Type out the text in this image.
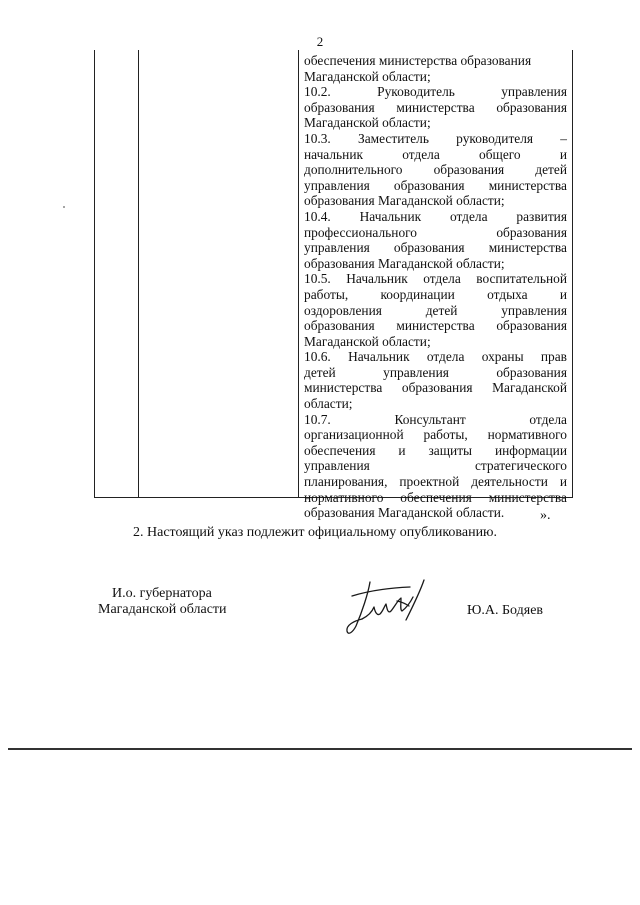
2
обеспечения министерства образования
Магаданской области;
10.2. Руководитель управления
образования министерства образования
Магаданской области;
10.3. Заместитель руководителя –
начальник отдела общего и
дополнительного образования детей
управления образования министерства
образования Магаданской области;
10.4. Начальник отдела развития
профессионального образования
управления образования министерства
образования Магаданской области;
10.5. Начальник отдела воспитательной
работы, координации отдыха и
оздоровления детей управления
образования министерства образования
Магаданской области;
10.6. Начальник отдела охраны прав
детей управления образования
министерства образования Магаданской
области;
10.7. Консультант отдела
организационной работы, нормативного
обеспечения и защиты информации
управления стратегического
планирования, проектной деятельности и
нормативного обеспечения министерства
образования Магаданской области.	».
2. Настоящий указ подлежит официальному опубликованию.
И.о. губернатора
Магаданской области	Ю.А. Бодяев
